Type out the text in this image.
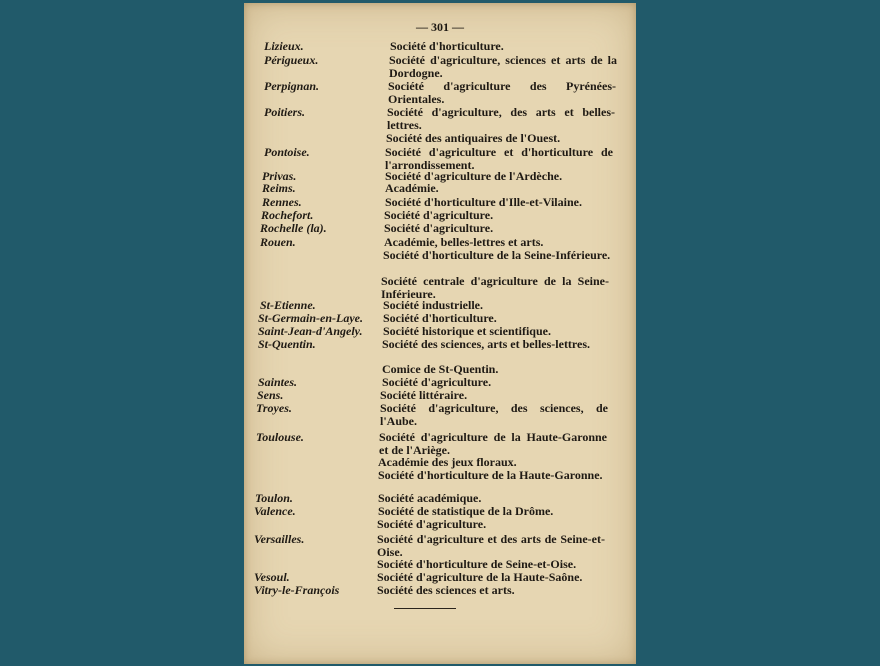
— 301 —
Lizieux.	Société d'horticulture.
Périgueux.	Société d'agriculture, sciences et arts de la Dordogne.
Perpignan.	Société d'agriculture des Pyrénées-Orientales.
Poitiers.	Société d'agriculture, des arts et belles-lettres.
Société des antiquaires de l'Ouest.
Pontoise.	Société d'agriculture et d'horticulture de l'arrondissement.
Privas.	Société d'agriculture de l'Ardèche.
Reims.	Académie.
Rennes.	Société d'horticulture d'Ille-et-Vilaine.
Rochefort.	Société d'agriculture.
Rochelle (la).	Société d'agriculture.
Rouen.	Académie, belles-lettres et arts.
Société d'horticulture de la Seine-Inférieure.
Société centrale d'agriculture de la Seine-Inférieure.
St-Etienne.	Société industrielle.
St-Germain-en-Laye. Société d'horticulture.
Saint-Jean-d'Angely. Société historique et scientifique.
St-Quentin.	Société des sciences, arts et belles-lettres.
Comice de St-Quentin.
Saintes.	Société d'agriculture.
Sens.	Société littéraire.
Troyes.	Société d'agriculture, des sciences, de l'Aube.
Toulouse.	Société d'agriculture de la Haute-Garonne et de l'Ariège.
Académie des jeux floraux.
Société d'horticulture de la Haute-Garonne.
Toulon.	Société académique.
Valence.	Société de statistique de la Drôme.
Société d'agriculture.
Versailles.	Société d'agriculture et des arts de Seine-et-Oise.
Société d'horticulture de Seine-et-Oise.
Vesoul.	Société d'agriculture de la Haute-Saône.
Vitry-le-François	Société des sciences et arts.
